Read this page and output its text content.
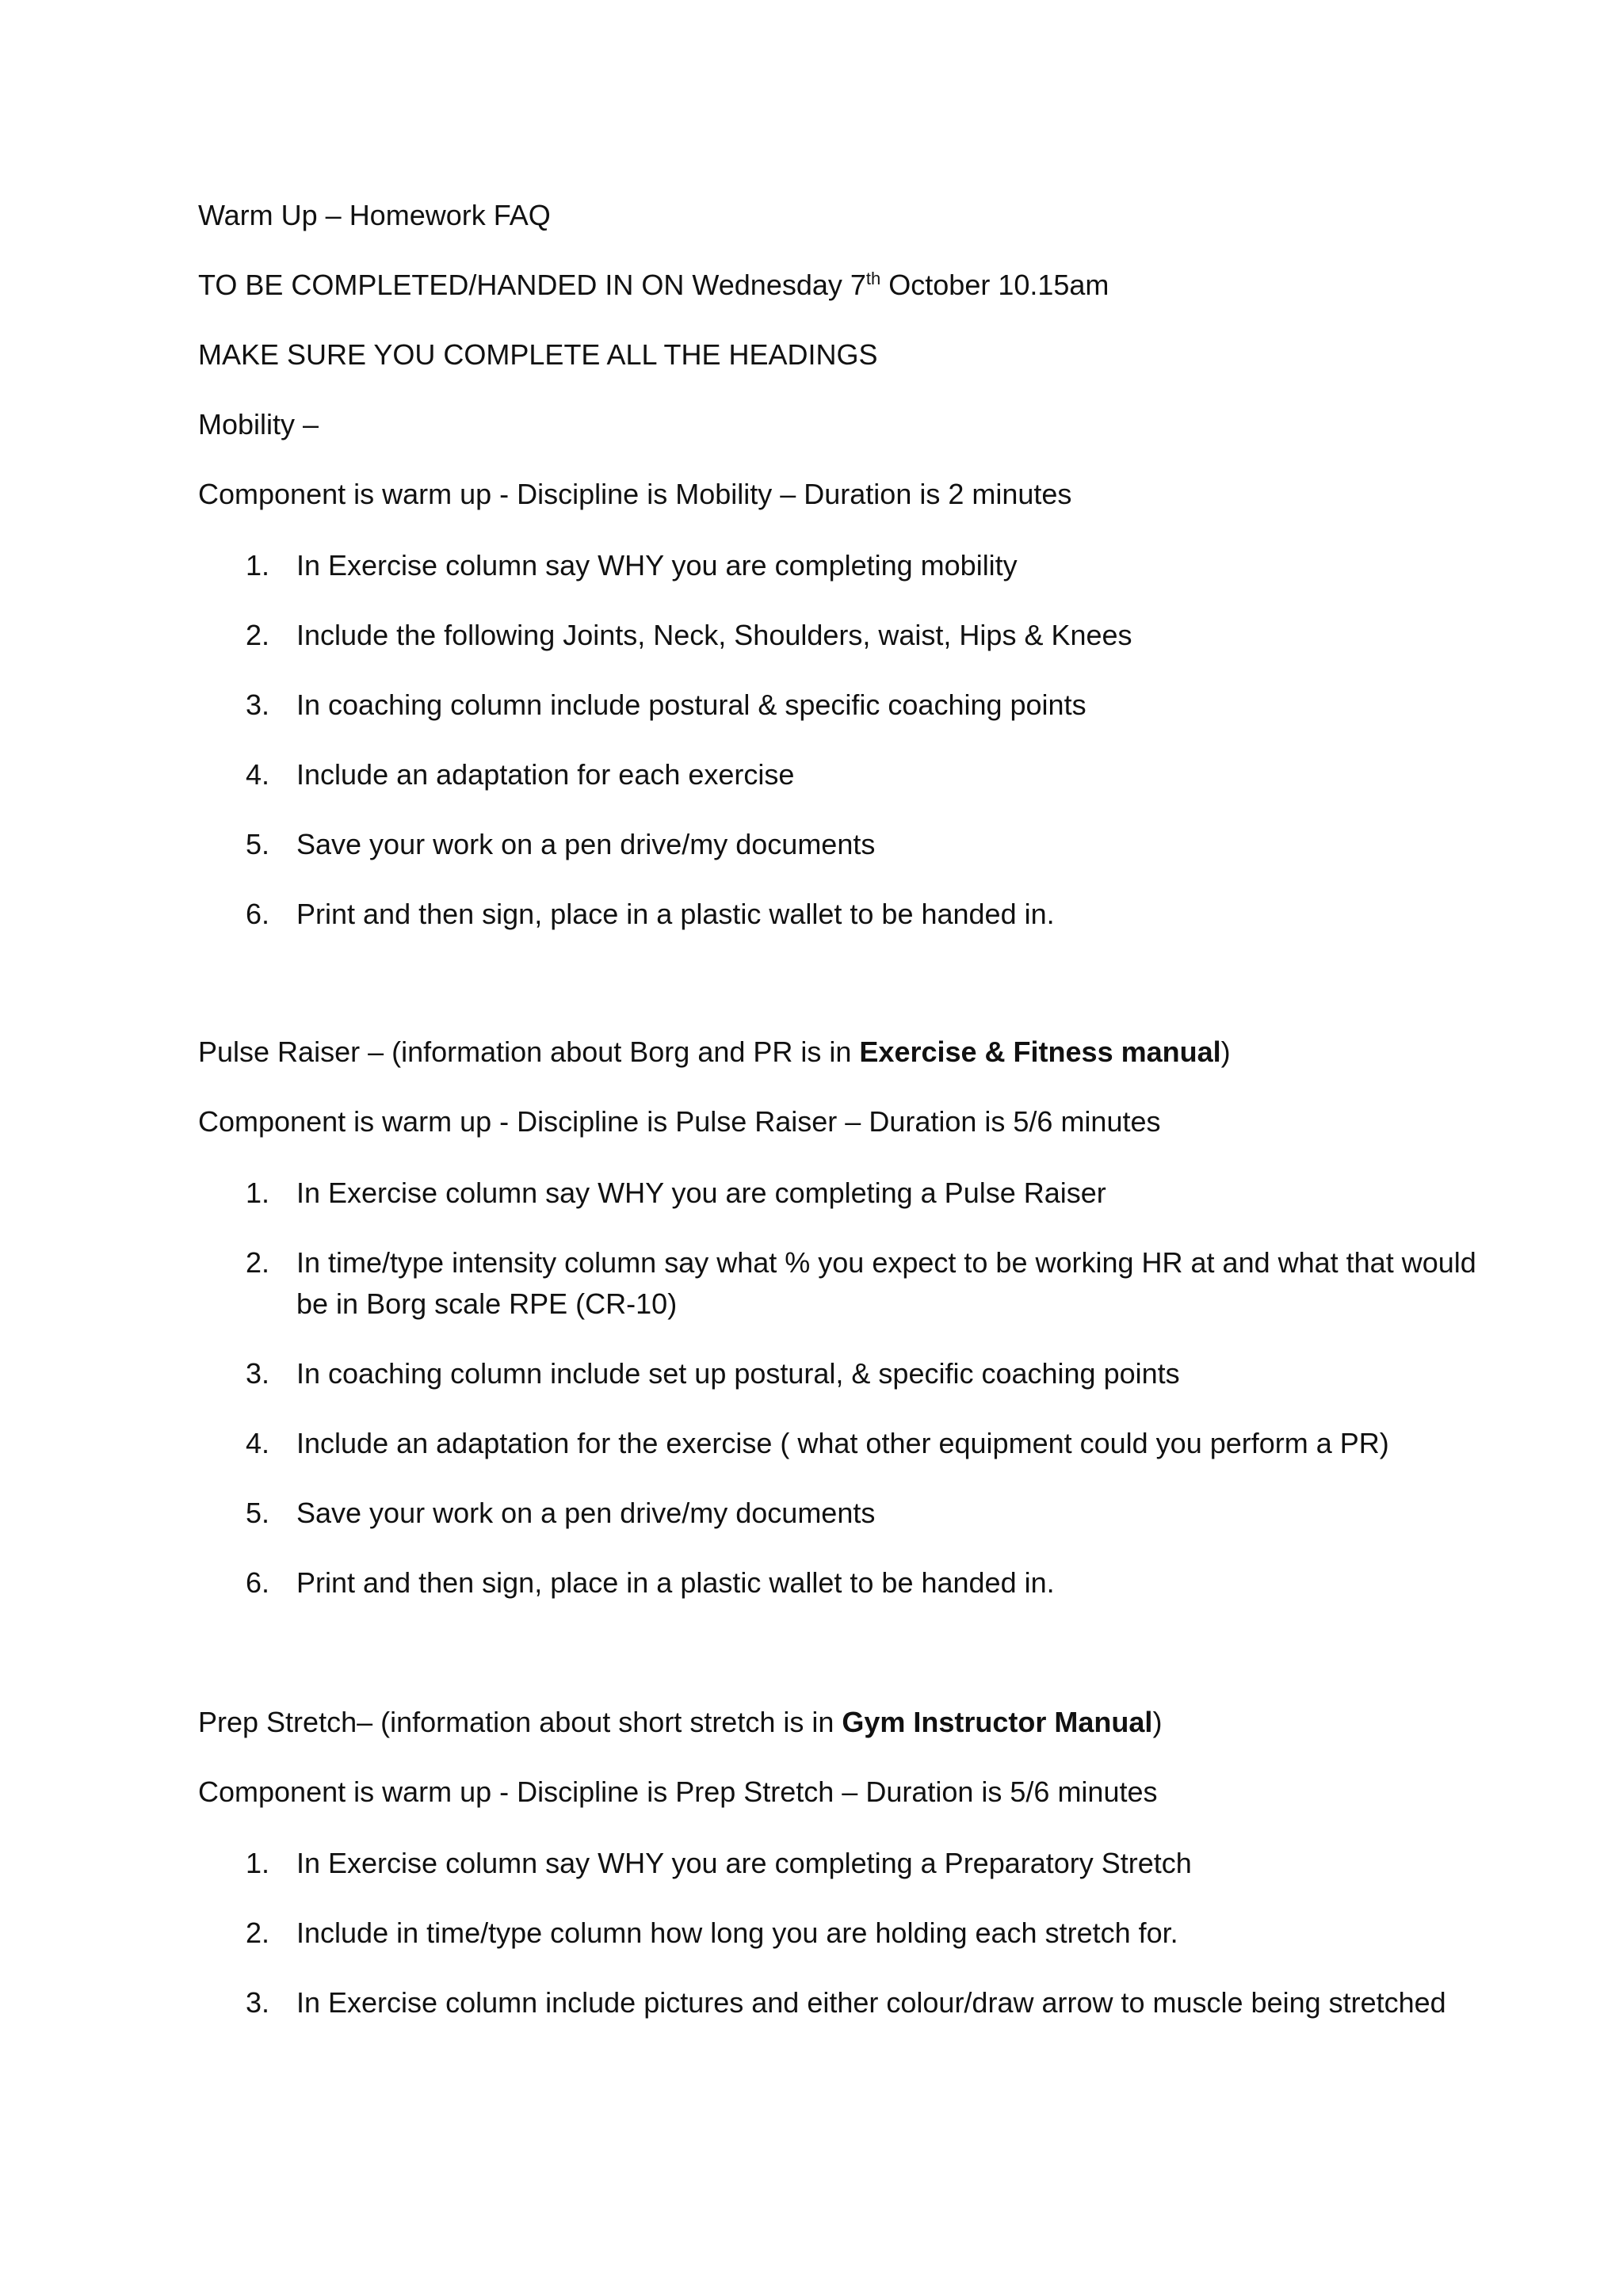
Warm Up – Homework FAQ
TO BE COMPLETED/HANDED IN ON Wednesday 7th October 10.15am
MAKE SURE YOU COMPLETE ALL THE HEADINGS
Mobility –
Component is warm up - Discipline is Mobility – Duration is 2 minutes
1. In Exercise column say WHY you are completing mobility
2. Include the following Joints, Neck, Shoulders, waist, Hips & Knees
3. In coaching column include postural & specific coaching points
4. Include an adaptation for each exercise
5. Save your work on a pen drive/my documents
6. Print and then sign, place in a plastic wallet to be handed in.
Pulse Raiser – (information about Borg and PR is in Exercise & Fitness manual)
Component is warm up - Discipline is Pulse Raiser – Duration is 5/6 minutes
1. In Exercise column say WHY you are completing a Pulse Raiser
2. In time/type intensity column say what % you expect to be working HR at and what that would be in Borg scale RPE (CR-10)
3. In coaching column include set up postural, & specific coaching points
4. Include an adaptation for the exercise ( what other equipment could you perform a PR)
5. Save your work on a pen drive/my documents
6. Print and then sign, place in a plastic wallet to be handed in.
Prep Stretch– (information about short stretch is in Gym Instructor Manual)
Component is warm up - Discipline is Prep Stretch – Duration is 5/6 minutes
1. In Exercise column say WHY you are completing a Preparatory Stretch
2. Include in time/type column how long you are holding each stretch for.
3. In Exercise column include pictures and either colour/draw arrow to muscle being stretched
